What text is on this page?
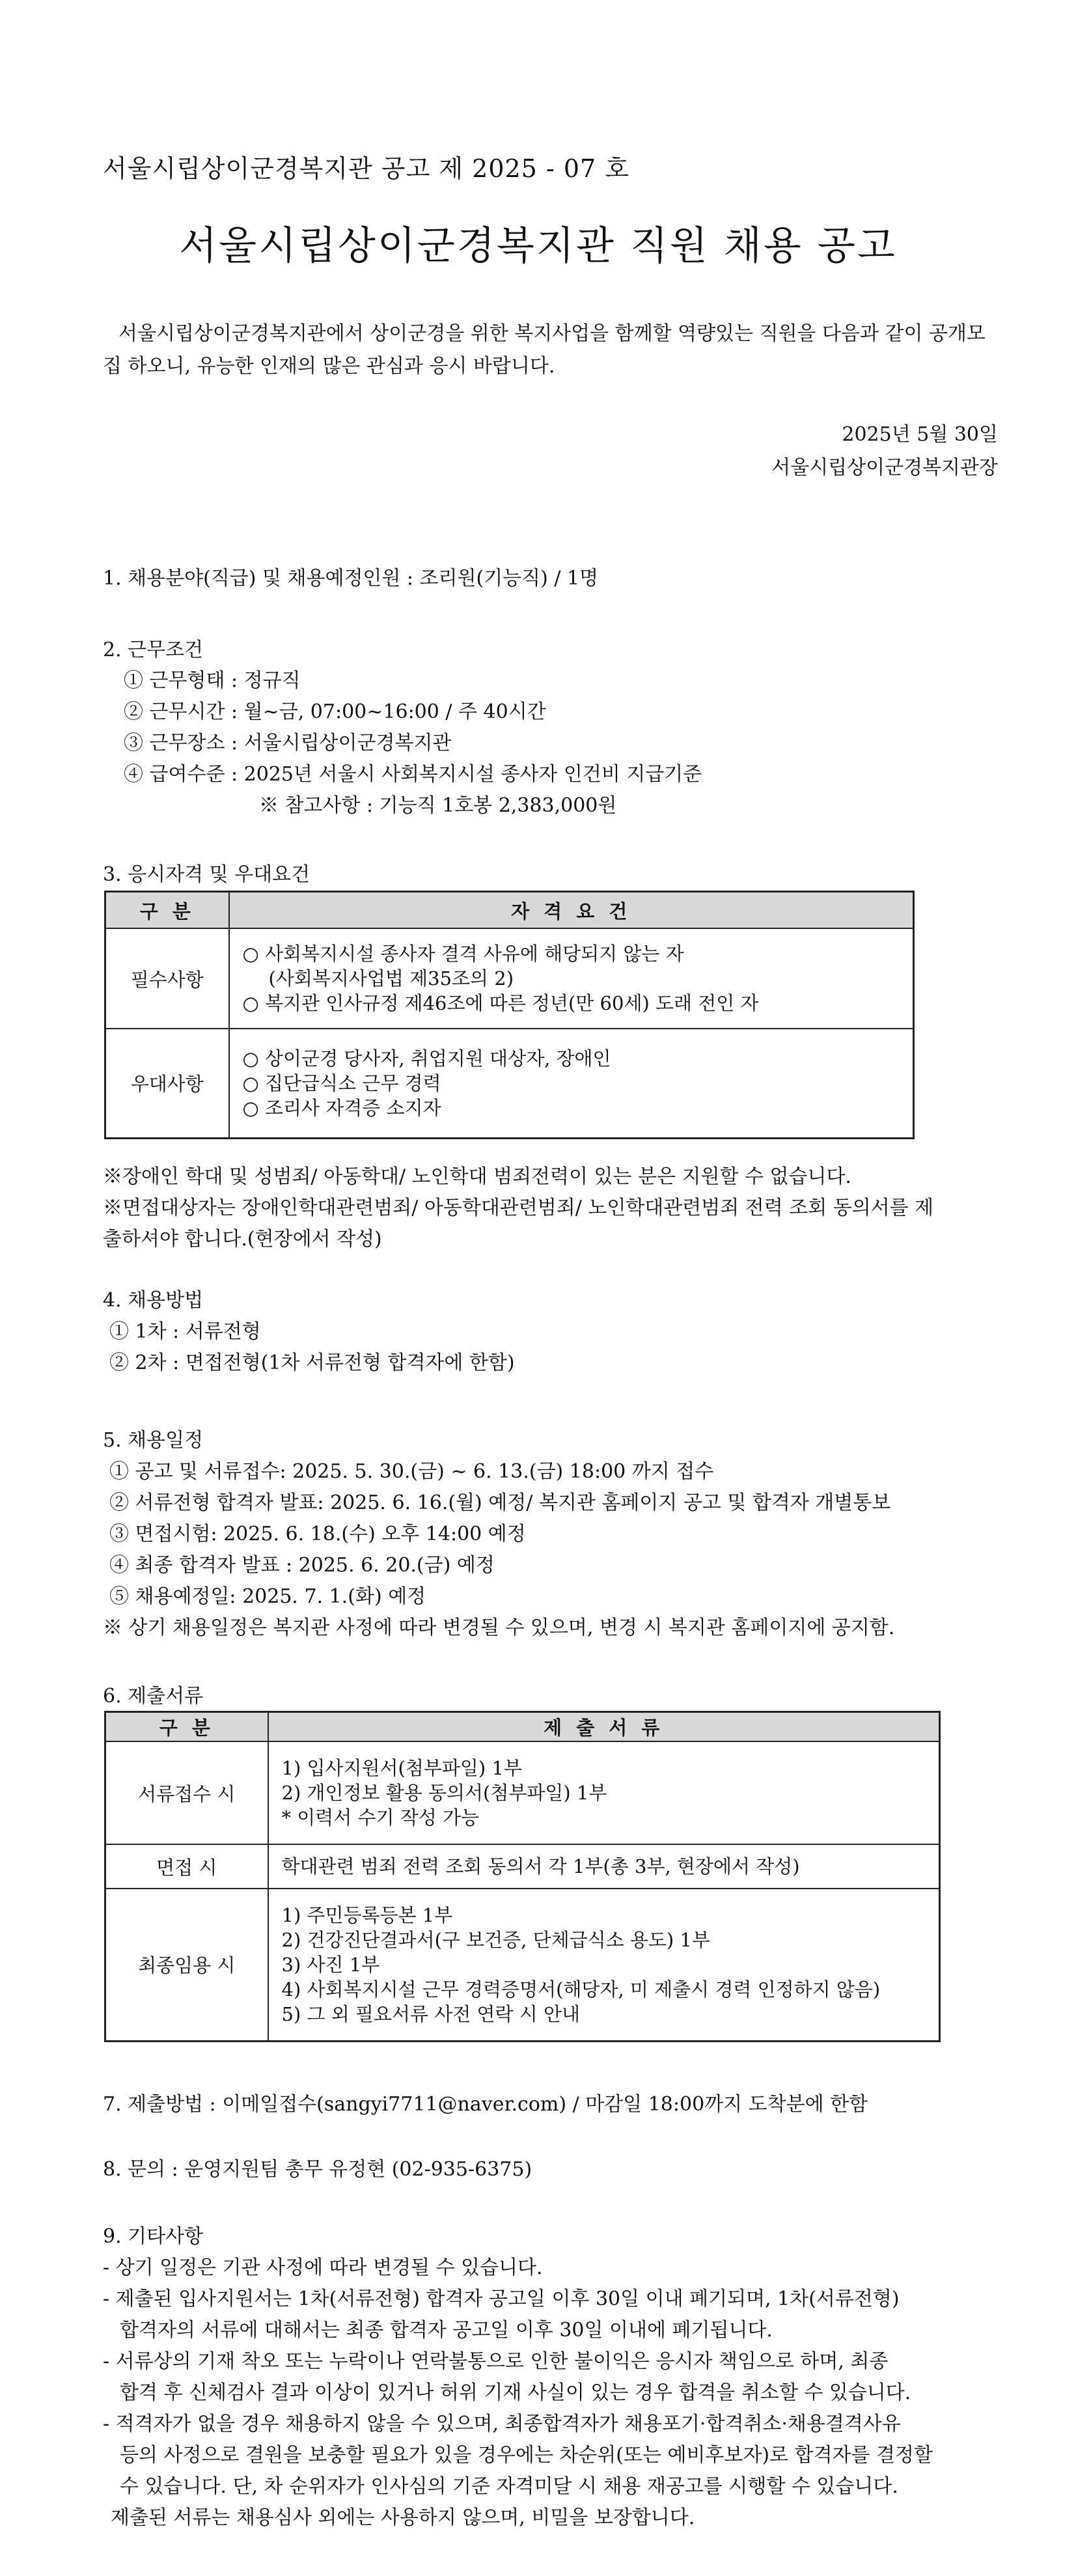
서울시립상이군경복지관 공고 제 2025 - 07 호
서울시립상이군경복지관 직원 채용 공고
서울시립상이군경복지관에서 상이군경을 위한 복지사업을 함께할 역량있는 직원을 다음과 같이 공개모집 하오니, 유능한 인재의 많은 관심과 응시 바랍니다.
2025년 5월 30일
서울시립상이군경복지관장
1. 채용분야(직급) 및 채용예정인원 : 조리원(기능직) / 1명
2. 근무조건
① 근무형태 : 정규직
② 근무시간 : 월~금, 07:00~16:00 / 주 40시간
③ 근무장소 : 서울시립상이군경복지관
④ 급여수준 : 2025년 서울시 사회복지시설 종사자 인건비 지급기준
※ 참고사항 : 기능직 1호봉 2,383,000원
3. 응시자격 및 우대요건
구 분	자 격 요 건
필수사항	○ 사회복지시설 종사자 결격 사유에 해당되지 않는 자
(사회복지사업법 제35조의 2)
○ 복지관 인사규정 제46조에 따른 정년(만 60세) 도래 전인 자

우대사항	○ 상이군경 당사자, 취업지원 대상자, 장애인
○ 집단급식소 근무 경력
○ 조리사 자격증 소지자
※장애인 학대 및 성범죄/ 아동학대/ 노인학대 범죄전력이 있는 분은 지원할 수 없습니다.
※면접대상자는 장애인학대관련범죄/ 아동학대관련범죄/ 노인학대관련범죄 전력 조회 동의서를 제
출하셔야 합니다.(현장에서 작성)
4. 채용방법
① 1차 : 서류전형
② 2차 : 면접전형(1차 서류전형 합격자에 한함)
5. 채용일정
① 공고 및 서류접수: 2025. 5. 30.(금) ~ 6. 13.(금) 18:00 까지 접수
② 서류전형 합격자 발표: 2025. 6. 16.(월) 예정/ 복지관 홈페이지 공고 및 합격자 개별통보
③ 면접시험: 2025. 6. 18.(수) 오후 14:00 예정
④ 최종 합격자 발표 : 2025. 6. 20.(금) 예정
⑤ 채용예정일: 2025. 7. 1.(화) 예정
※ 상기 채용일정은 복지관 사정에 따라 변경될 수 있으며, 변경 시 복지관 홈페이지에 공지함.
6. 제출서류
구 분	제 출 서 류
서류접수 시	1) 입사지원서(첨부파일) 1부
2) 개인정보 활용 동의서(첨부파일) 1부
* 이력서 수기 작성 가능

면접 시	학대관련 범죄 전력 조회 동의서 각 1부(총 3부, 현장에서 작성)

최종임용 시	1) 주민등록등본 1부
2) 건강진단결과서(구 보건증, 단체급식소 용도) 1부
3) 사진 1부
4) 사회복지시설 근무 경력증명서(해당자, 미 제출시 경력 인정하지 않음)
5) 그 외 필요서류 사전 연락 시 안내
7. 제출방법 : 이메일접수(sangyi7711@naver.com) / 마감일 18:00까지 도착분에 한함
8. 문의 : 운영지원팀 총무 유정현 (02-935-6375)
9. 기타사항
- 상기 일정은 기관 사정에 따라 변경될 수 있습니다.
- 제출된 입사지원서는 1차(서류전형) 합격자 공고일 이후 30일 이내 폐기되며, 1차(서류전형)
합격자의 서류에 대해서는 최종 합격자 공고일 이후 30일 이내에 폐기됩니다.
- 서류상의 기재 착오 또는 누락이나 연락불통으로 인한 불이익은 응시자 책임으로 하며, 최종
합격 후 신체검사 결과 이상이 있거나 허위 기재 사실이 있는 경우 합격을 취소할 수 있습니다.
- 적격자가 없을 경우 채용하지 않을 수 있으며, 최종합격자가 채용포기·합격취소·채용결격사유
등의 사정으로 결원을 보충할 필요가 있을 경우에는 차순위(또는 예비후보자)로 합격자를 결정할
수 있습니다. 단, 차 순위자가 인사심의 기준 자격미달 시 채용 재공고를 시행할 수 있습니다.
제출된 서류는 채용심사 외에는 사용하지 않으며, 비밀을 보장합니다.
